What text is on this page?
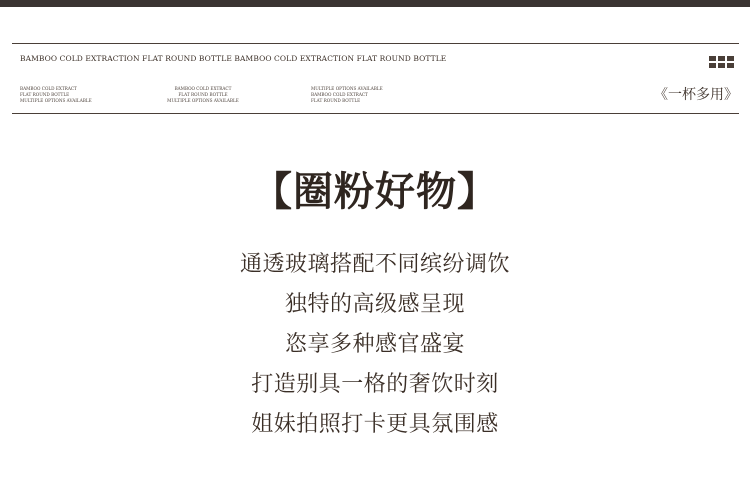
BAMBOO COLD EXTRACTION FLAT ROUND BOTTLE BAMBOO COLD EXTRACTION FLAT ROUND BOTTLE
BAMBOO COLD EXTRACT
FLAT ROUND BOTTLE
MULTIPLE OPTIONS AVAILABLE
BAMBOO COLD EXTRACT
FLAT ROUND BOTTLE
MULTIPLE OPTIONS AVAILABLE
MULTIPLE OPTIONS AVAILABLE
BAMBOO COLD EXTRACT
FLAT ROUND BOTTLE	《一杯多用》
【圈粉好物】
通透玻璃搭配不同缤纷调饮
独特的高级感呈现
恣享多种感官盛宴
打造别具一格的奢饮时刻
姐妹拍照打卡更具氛围感
